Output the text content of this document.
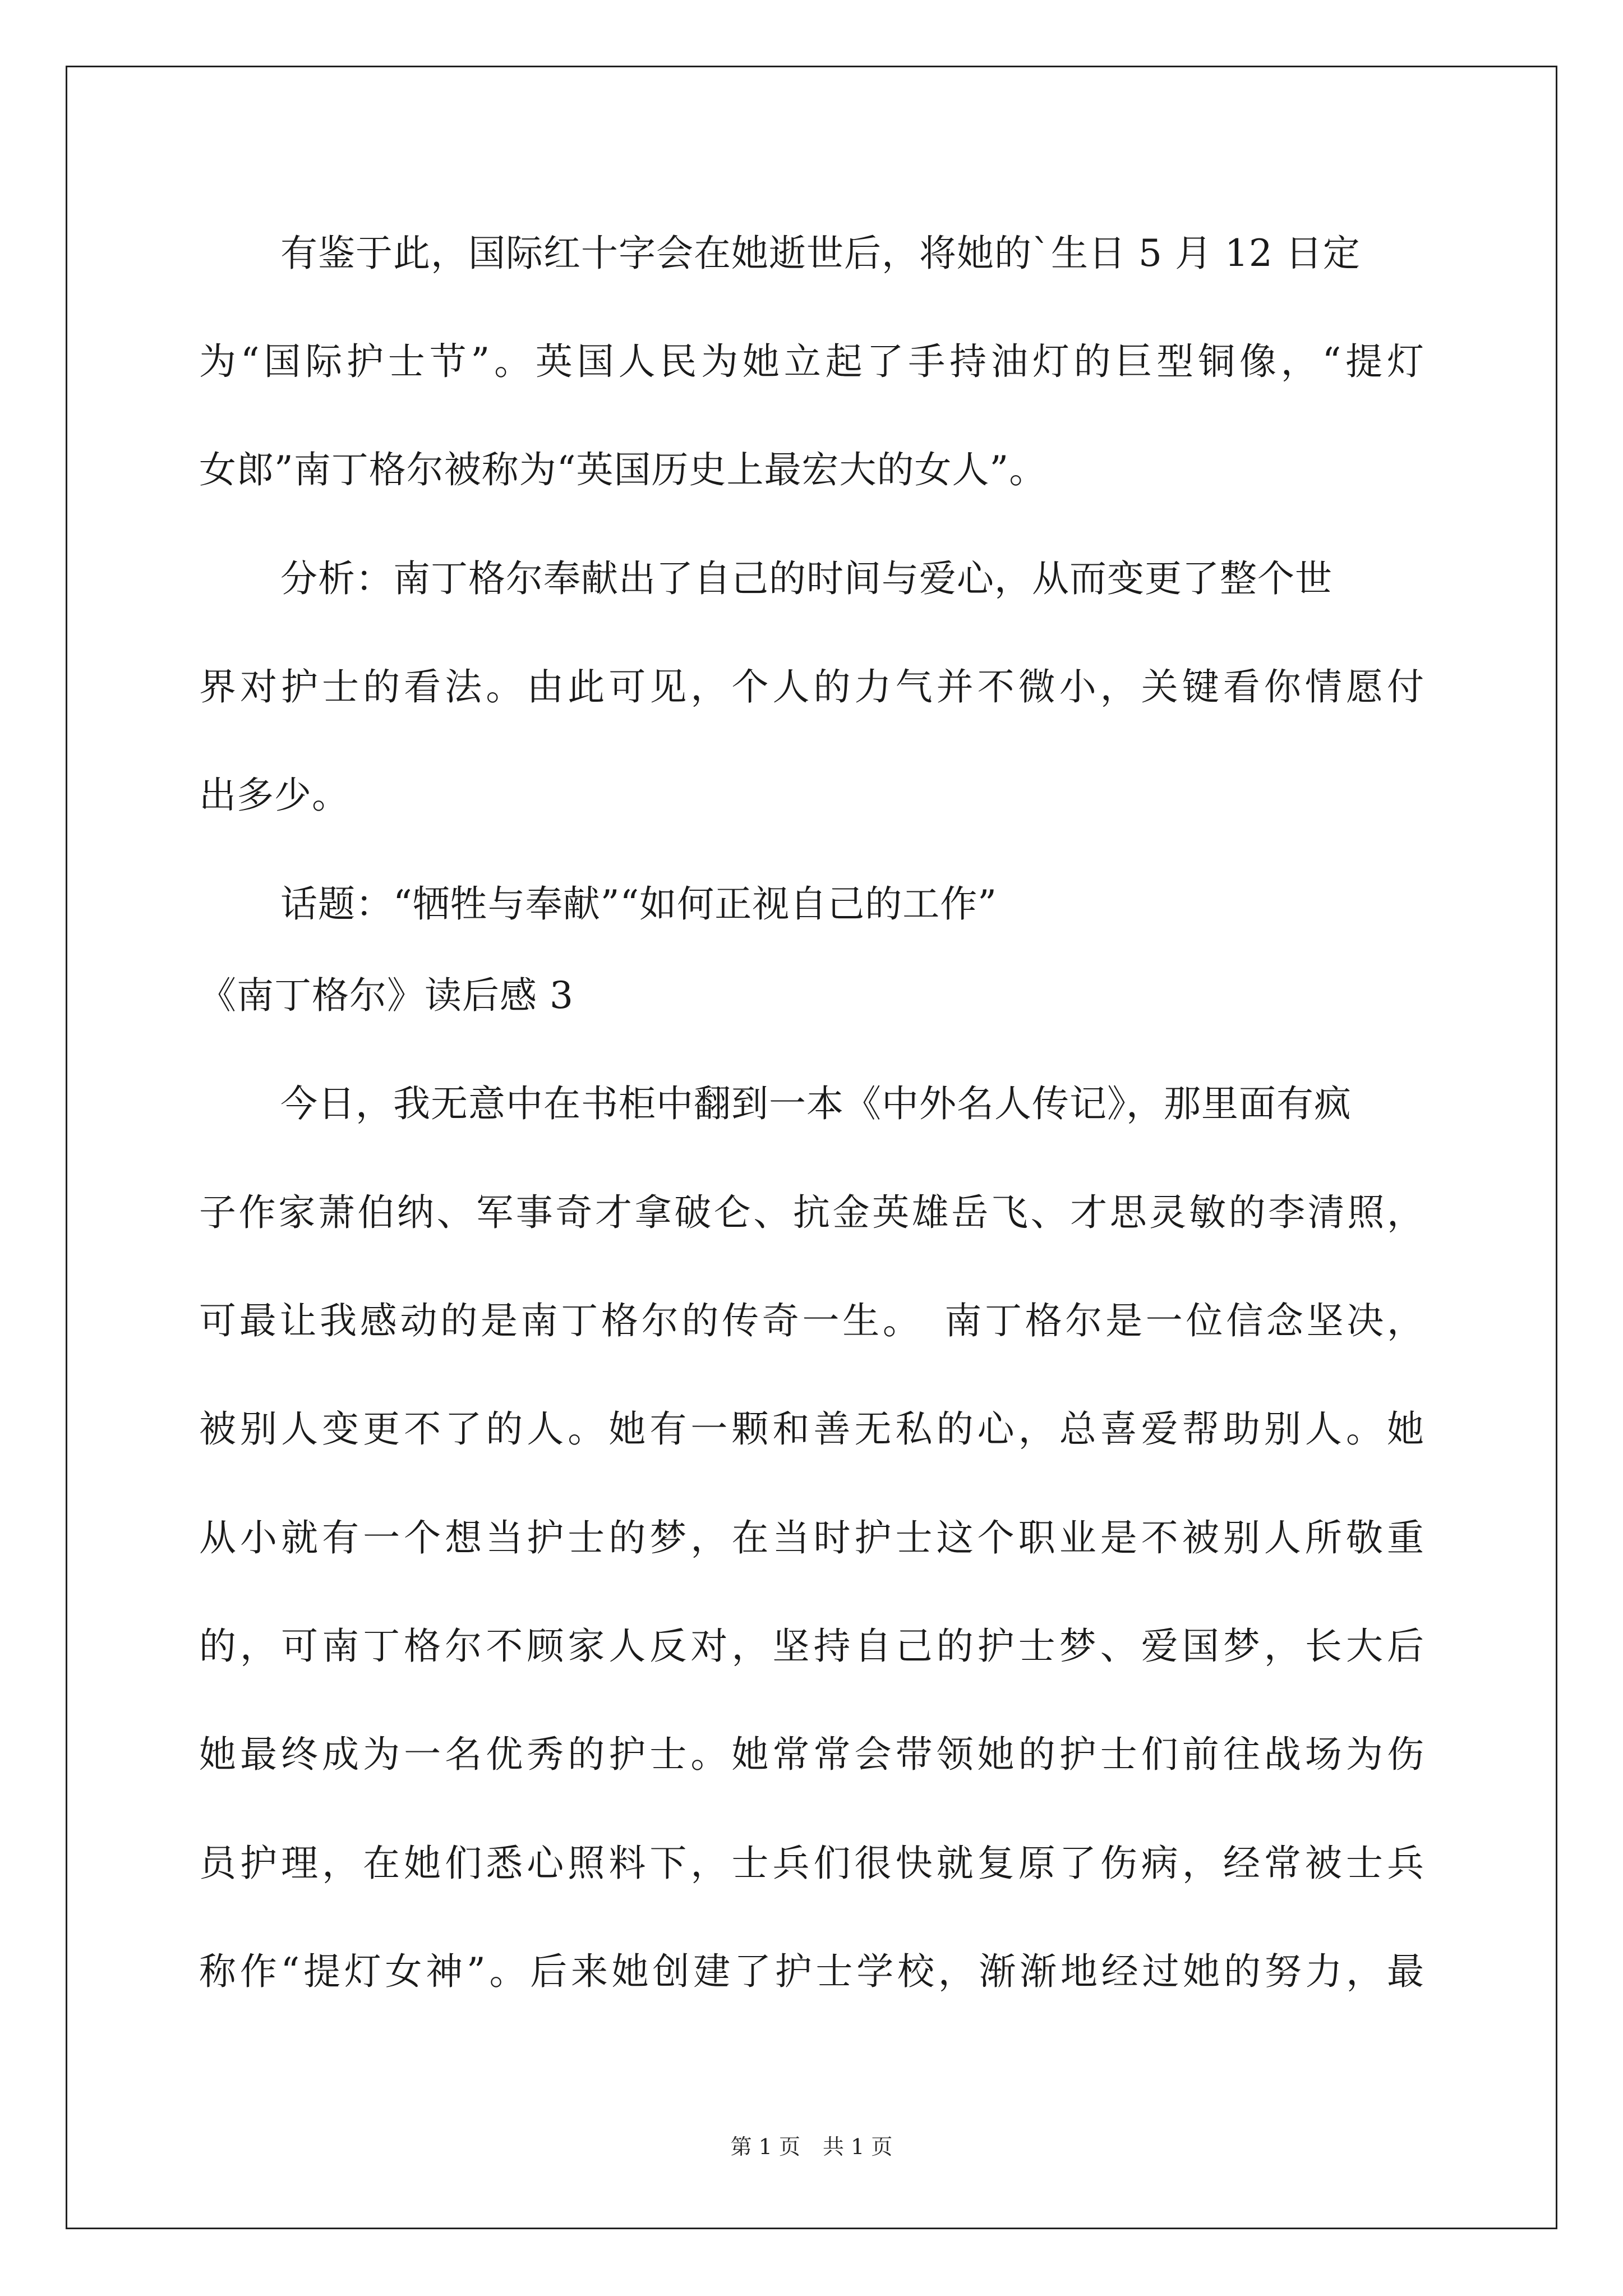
有鉴于此，国际红十字会在她逝世后，将她的`生日 5 月 12 日定
为“国际护士节”。英国人民为她立起了手持油灯的巨型铜像，“提灯
女郎”南丁格尔被称为“英国历史上最宏大的女人”。
分析：南丁格尔奉献出了自己的时间与爱心，从而变更了整个世
界对护士的看法。由此可见，个人的力气并不微小，关键看你情愿付
出多少。
话题：“牺牲与奉献”“如何正视自己的工作”
《南丁格尔》读后感 3
今日，我无意中在书柜中翻到一本《中外名人传记》，那里面有疯
子作家萧伯纳、军事奇才拿破仑、抗金英雄岳飞、才思灵敏的李清照，
可最让我感动的是南丁格尔的传奇一生。　南丁格尔是一位信念坚决，
被别人变更不了的人。她有一颗和善无私的心，总喜爱帮助别人。她
从小就有一个想当护士的梦，在当时护士这个职业是不被别人所敬重
的，可南丁格尔不顾家人反对，坚持自己的护士梦、爱国梦，长大后
她最终成为一名优秀的护士。她常常会带领她的护士们前往战场为伤
员护理，在她们悉心照料下，士兵们很快就复原了伤病，经常被士兵
称作“提灯女神”。后来她创建了护士学校，渐渐地经过她的努力，最
第 1 页 共 1 页
